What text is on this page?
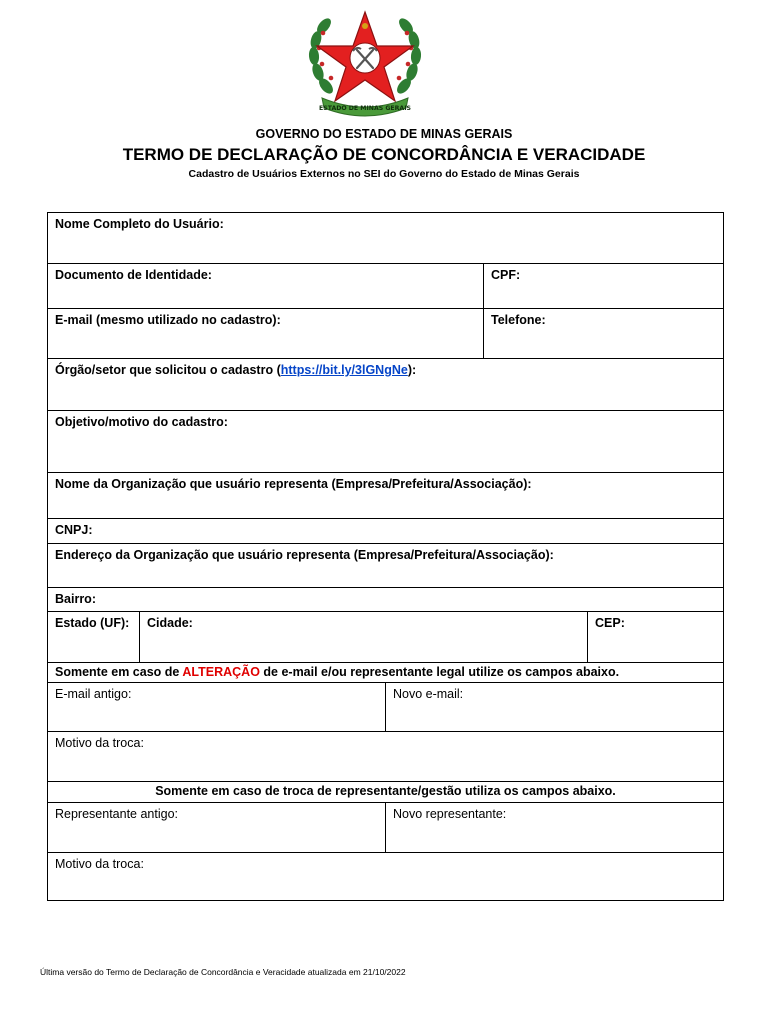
ESTADO DE MINAS GERAIS
GOVERNO DO ESTADO DE MINAS GERAIS
TERMO DE DECLARAÇÃO DE CONCORDÂNCIA E VERACIDADE
Cadastro de Usuários Externos no SEI do Governo do Estado de Minas Gerais
Nome Completo do Usuário:
Documento de Identidade:	CPF:
E-mail (mesmo utilizado no cadastro):	Telefone:
Órgão/setor que solicitou o cadastro (https://bit.ly/3lGNgNe):
Objetivo/motivo do cadastro:
Nome da Organização que usuário representa (Empresa/Prefeitura/Associação):
CNPJ:
Endereço da Organização que usuário representa (Empresa/Prefeitura/Associação):
Bairro:
Estado (UF):	Cidade:	CEP:
Somente em caso de ALTERAÇÃO de e-mail e/ou representante legal utilize os campos abaixo.
E-mail antigo:	Novo e-mail:
Motivo da troca:
Somente em caso de troca de representante/gestão utiliza os campos abaixo.
Representante antigo:	Novo representante:
Motivo da troca:
Última versão do Termo de Declaração de Concordância e Veracidade atualizada em 21/10/2022
